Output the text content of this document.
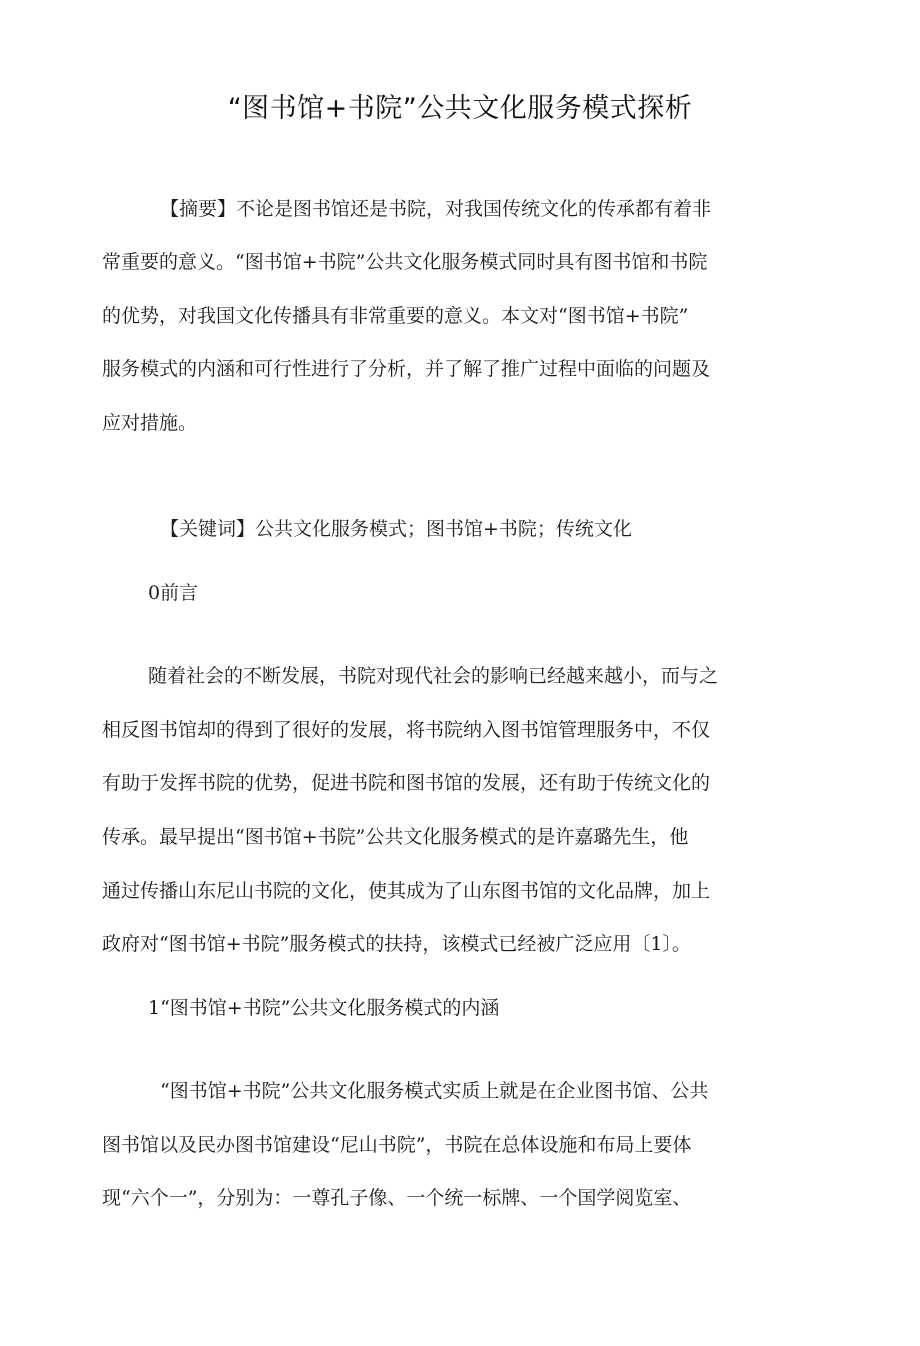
“图书馆+书院”公共文化服务模式探析
【摘要】不论是图书馆还是书院，对我国传统文化的传承都有着非
常重要的意义。“图书馆+书院”公共文化服务模式同时具有图书馆和书院
的优势，对我国文化传播具有非常重要的意义。本文对“图书馆+书院”
服务模式的内涵和可行性进行了分析，并了解了推广过程中面临的问题及
应对措施。
【关键词】公共文化服务模式；图书馆+书院；传统文化
0前言
随着社会的不断发展，书院对现代社会的影响已经越来越小，而与之
相反图书馆却的得到了很好的发展，将书院纳入图书馆管理服务中，不仅
有助于发挥书院的优势，促进书院和图书馆的发展，还有助于传统文化的
传承。最早提出“图书馆+书院”公共文化服务模式的是许嘉璐先生，他
通过传播山东尼山书院的文化，使其成为了山东图书馆的文化品牌，加上
政府对“图书馆+书院”服务模式的扶持，该模式已经被广泛应用〔1〕。
1“图书馆+书院”公共文化服务模式的内涵
“图书馆+书院”公共文化服务模式实质上就是在企业图书馆、公共
图书馆以及民办图书馆建设“尼山书院”，书院在总体设施和布局上要体
现“六个一”，分别为：一尊孔子像、一个统一标牌、一个国学阅览室、
